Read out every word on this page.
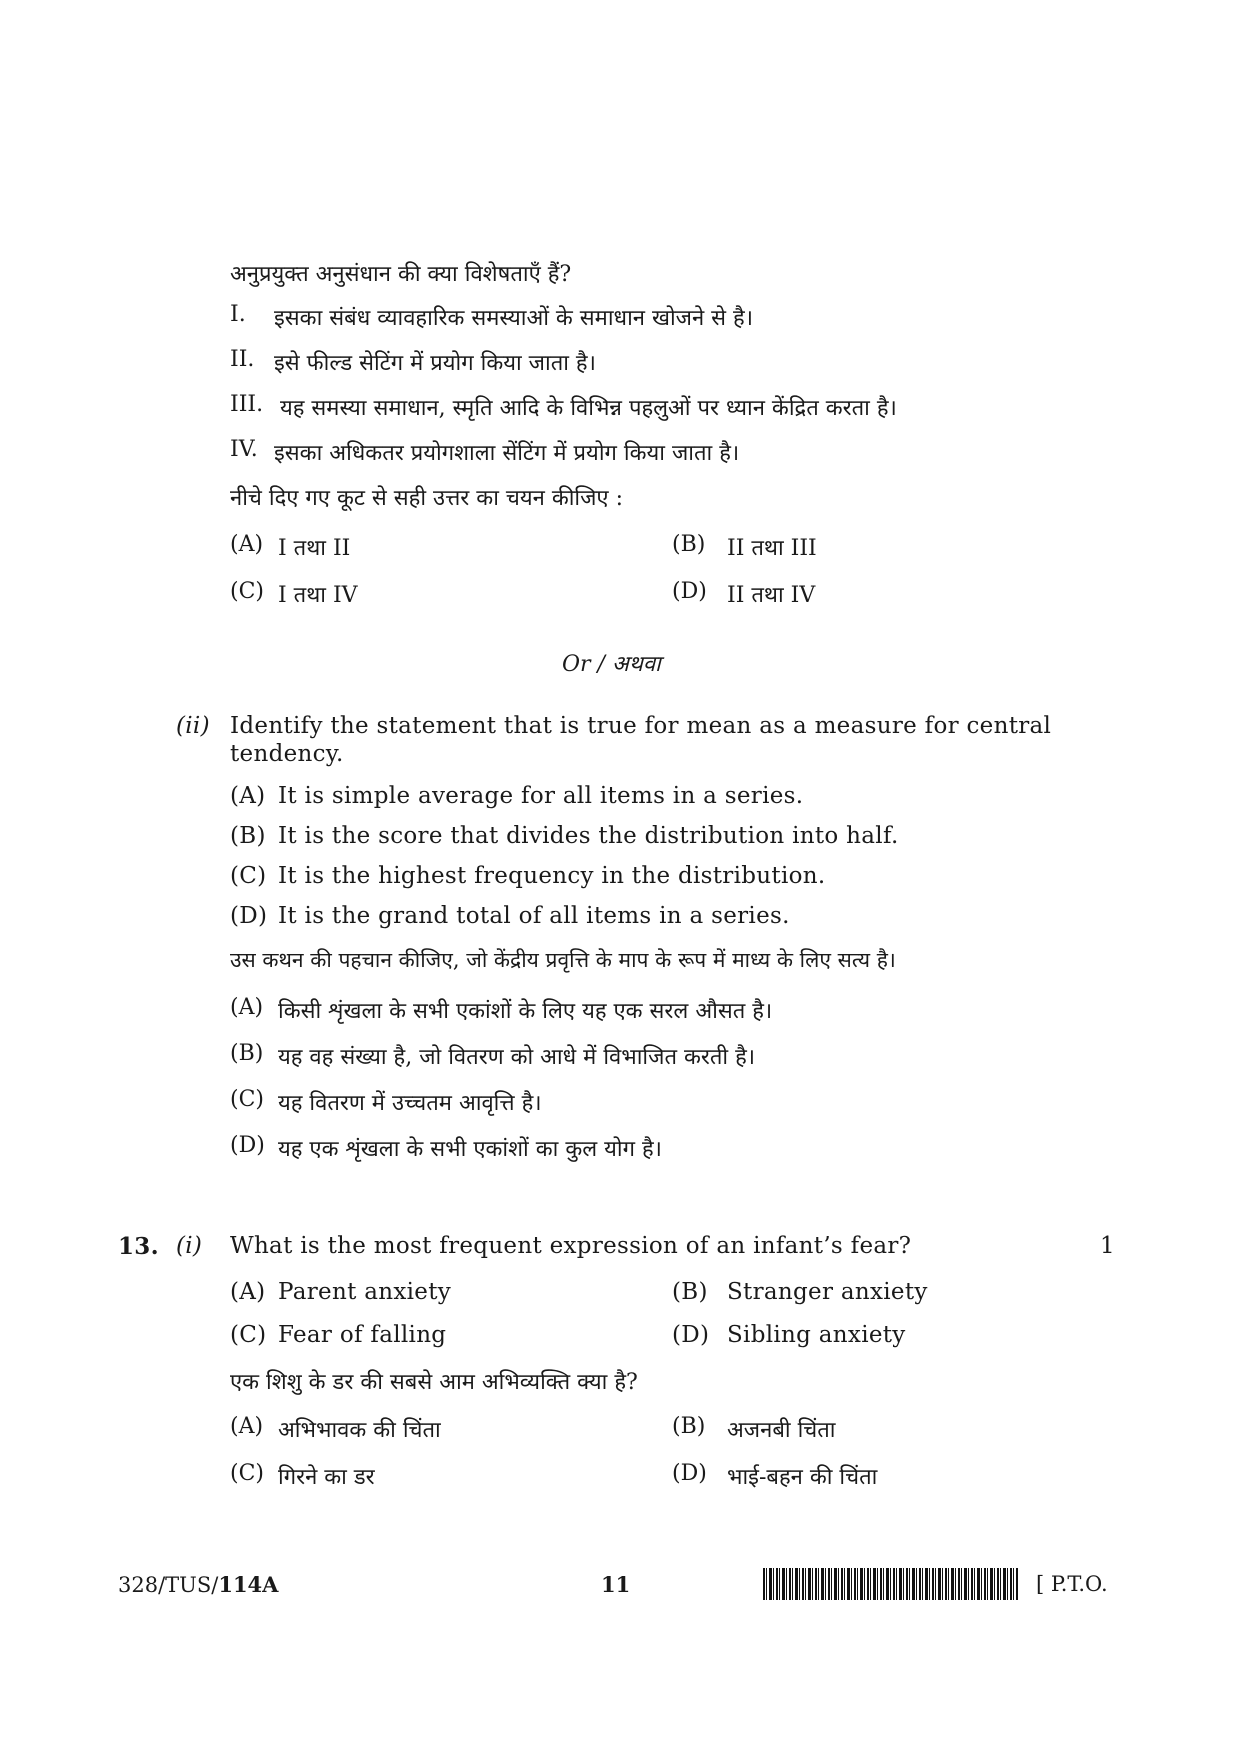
अनुप्रयुक्त अनुसंधान की क्या विशेषताएँ हैं?
I.	इसका संबंध व्यावहारिक समस्याओं के समाधान खोजने से है।
II. इसे फील्ड सेटिंग में प्रयोग किया जाता है।
III. यह समस्या समाधान, स्मृति आदि के विभिन्न पहलुओं पर ध्यान केंद्रित करता है।
IV. इसका अधिकतर प्रयोगशाला सेंटिंग में प्रयोग किया जाता है।
नीचे दिए गए कूट से सही उत्तर का चयन कीजिए :
(A) I तथा II	(B) II तथा III
(C) I तथा IV	(D) II तथा IV
Or / अथवा
(ii) Identify the statement that is true for mean as a measure for central
tendency.
(A) It is simple average for all items in a series.
(B) It is the score that divides the distribution into half.
(C) It is the highest frequency in the distribution.
(D) It is the grand total of all items in a series.
उस कथन की पहचान कीजिए, जो केंद्रीय प्रवृत्ति के माप के रूप में माध्य के लिए सत्य है।
(A) किसी शृंखला के सभी एकांशों के लिए यह एक सरल औसत है।
(B) यह वह संख्या है, जो वितरण को आधे में विभाजित करती है।
(C) यह वितरण में उच्चतम आवृत्ति है।
(D) यह एक शृंखला के सभी एकांशों का कुल योग है।
13. (i) What is the most frequent expression of an infant’s fear?	1
(A) Parent anxiety	(B) Stranger anxiety
(C) Fear of falling	(D) Sibling anxiety
एक शिशु के डर की सबसे आम अभिव्यक्ति क्या है?
(A) अभिभावक की चिंता	(B) अजनबी चिंता
(C) गिरने का डर	(D) भाई-बहन की चिंता
328/TUS/114A	11	[ P.T.O.
